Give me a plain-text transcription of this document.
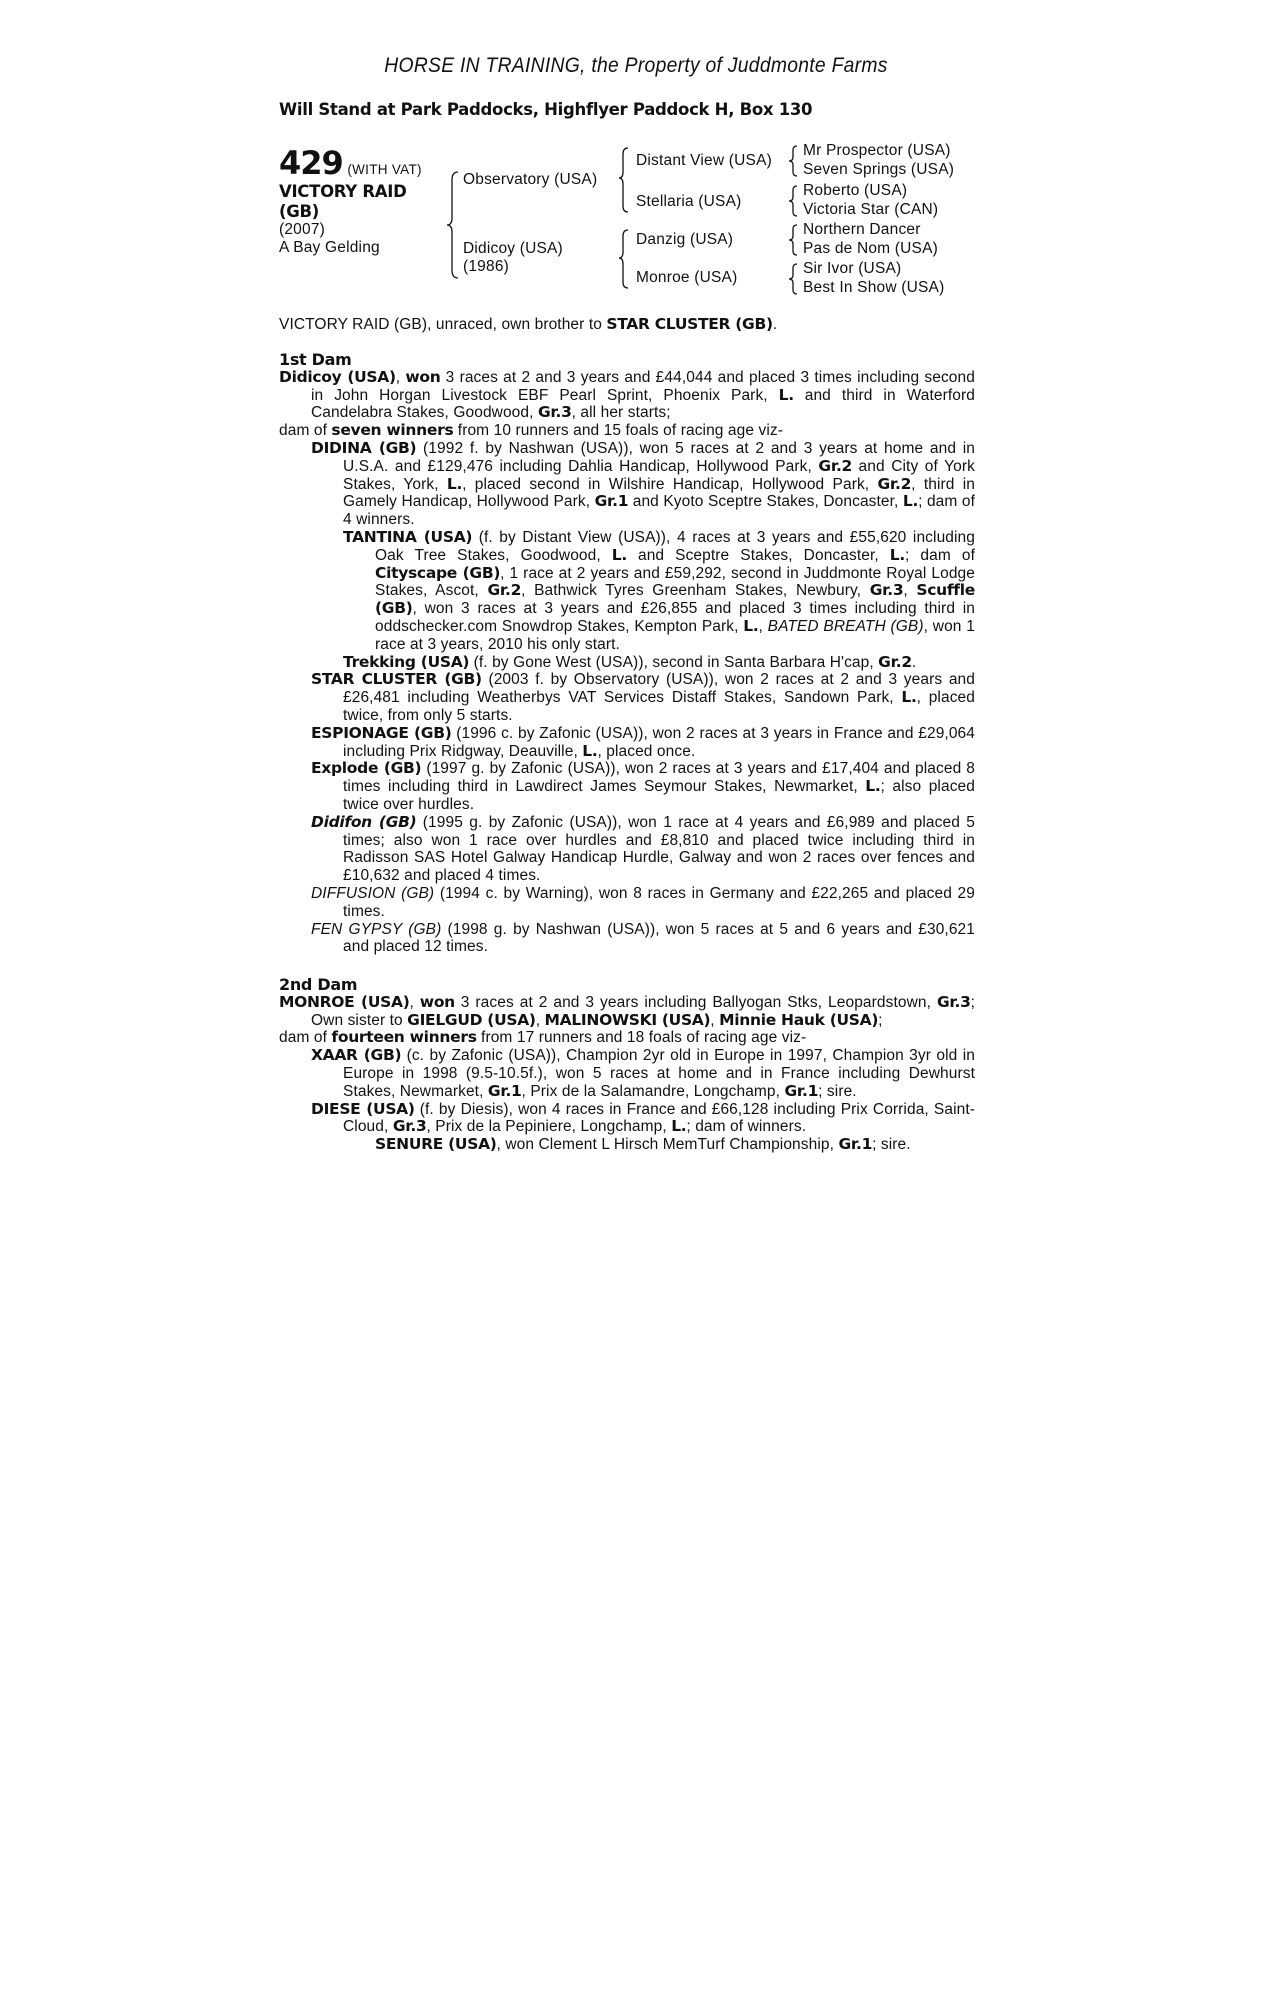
HORSE IN TRAINING, the Property of Juddmonte Farms
Will Stand at Park Paddocks, Highflyer Paddock H, Box 130
429 (WITH VAT)
VICTORY RAID
(GB)
(2007)
A Bay Gelding
Observatory (USA)
Didicoy (USA)
(1986)
Distant View (USA)
Stellaria (USA)
Danzig (USA)
Monroe (USA)
Mr Prospector (USA)
Seven Springs (USA)
Roberto (USA)
Victoria Star (CAN)
Northern Dancer
Pas de Nom (USA)
Sir Ivor (USA)
Best In Show (USA)
VICTORY RAID (GB), unraced, own brother to STAR CLUSTER (GB).
1st Dam
Didicoy (USA), won 3 races at 2 and 3 years and £44,044 and placed 3 times including second in John Horgan Livestock EBF Pearl Sprint, Phoenix Park, L. and third in Waterford Candelabra Stakes, Goodwood, Gr.3, all her starts;
dam of seven winners from 10 runners and 15 foals of racing age viz-
DIDINA (GB) (1992 f. by Nashwan (USA)), won 5 races at 2 and 3 years at home and in U.S.A. and £129,476 including Dahlia Handicap, Hollywood Park, Gr.2 and City of York Stakes, York, L., placed second in Wilshire Handicap, Hollywood Park, Gr.2, third in Gamely Handicap, Hollywood Park, Gr.1 and Kyoto Sceptre Stakes, Doncaster, L.; dam of 4 winners.
TANTINA (USA) (f. by Distant View (USA)), 4 races at 3 years and £55,620 including Oak Tree Stakes, Goodwood, L. and Sceptre Stakes, Doncaster, L.; dam of Cityscape (GB), 1 race at 2 years and £59,292, second in Juddmonte Royal Lodge Stakes, Ascot, Gr.2, Bathwick Tyres Greenham Stakes, Newbury, Gr.3, Scuffle (GB), won 3 races at 3 years and £26,855 and placed 3 times including third in oddschecker.com Snowdrop Stakes, Kempton Park, L., BATED BREATH (GB), won 1 race at 3 years, 2010 his only start.
Trekking (USA) (f. by Gone West (USA)), second in Santa Barbara H'cap, Gr.2.
STAR CLUSTER (GB) (2003 f. by Observatory (USA)), won 2 races at 2 and 3 years and £26,481 including Weatherbys VAT Services Distaff Stakes, Sandown Park, L., placed twice, from only 5 starts.
ESPIONAGE (GB) (1996 c. by Zafonic (USA)), won 2 races at 3 years in France and £29,064 including Prix Ridgway, Deauville, L., placed once.
Explode (GB) (1997 g. by Zafonic (USA)), won 2 races at 3 years and £17,404 and placed 8 times including third in Lawdirect James Seymour Stakes, Newmarket, L.; also placed twice over hurdles.
Didifon (GB) (1995 g. by Zafonic (USA)), won 1 race at 4 years and £6,989 and placed 5 times; also won 1 race over hurdles and £8,810 and placed twice including third in Radisson SAS Hotel Galway Handicap Hurdle, Galway and won 2 races over fences and £10,632 and placed 4 times.
DIFFUSION (GB) (1994 c. by Warning), won 8 races in Germany and £22,265 and placed 29 times.
FEN GYPSY (GB) (1998 g. by Nashwan (USA)), won 5 races at 5 and 6 years and £30,621 and placed 12 times.
2nd Dam
MONROE (USA), won 3 races at 2 and 3 years including Ballyogan Stks, Leopardstown, Gr.3; Own sister to GIELGUD (USA), MALINOWSKI (USA), Minnie Hauk (USA);
dam of fourteen winners from 17 runners and 18 foals of racing age viz-
XAAR (GB) (c. by Zafonic (USA)), Champion 2yr old in Europe in 1997, Champion 3yr old in Europe in 1998 (9.5-10.5f.), won 5 races at home and in France including Dewhurst Stakes, Newmarket, Gr.1, Prix de la Salamandre, Longchamp, Gr.1; sire.
DIESE (USA) (f. by Diesis), won 4 races in France and £66,128 including Prix Corrida, Saint-Cloud, Gr.3, Prix de la Pepiniere, Longchamp, L.; dam of winners.
SENURE (USA), won Clement L Hirsch MemTurf Championship, Gr.1; sire.
